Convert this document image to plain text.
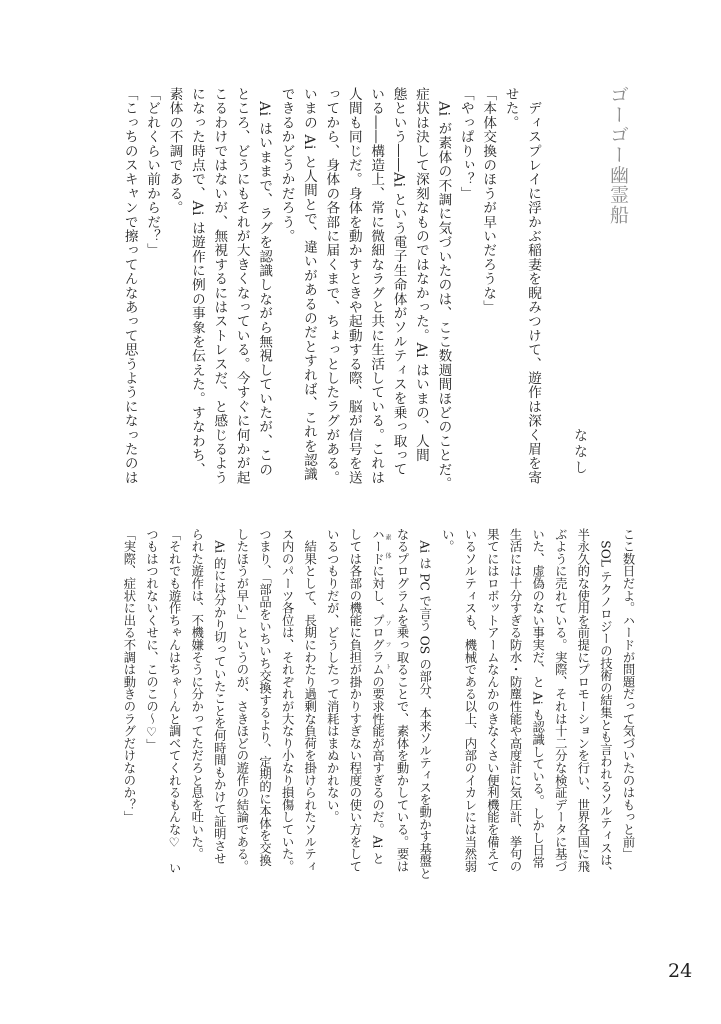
ゴーゴー幽霊船
ななし
　ディスプレイに浮かぶ稲妻を睨みつけて、遊作は深く眉を寄
せた。
「本体交換のほうが早いだろうな」
「やっぱりぃ？」
　Ai が素体の不調に気づいたのは、ここ数週間ほどのことだ。
症状は決して深刻なものではなかった。Ai はいまの、人間
態という――Ai という電子生命体がソルティスを乗っ取って
いる――構造上、常に微細なラグと共に生活している。これは
人間も同じだ。身体を動かすときや起動する際、脳が信号を送
ってから、身体の各部に届くまで、ちょっとしたラグがある。
いまの Ai と人間とで、違いがあるのだとすれば、これを認識
できるかどうかだろう。
　Ai はいままで、ラグを認識しながら無視していたが、この
ところ、どうにもそれが大きくなっている。今すぐに何かが起
こるわけではないが、無視するにはストレスだ、と感じるよう
になった時点で、Ai は遊作に例の事象を伝えた。すなわち、
素体の不調である。
「どれくらい前からだ？」
「こっちのスキャンで擦ってんなあって思うようになったのは
ここ数日だよ。ハードが問題だって気づいたのはもっと前」
　SOL テクノロジーの技術の結集とも言われるソルティスは、
半永久的な使用を前提にプロモーションを行い、世界各国に飛
ぶように売れている。実際、それは十二分な検証データに基づ
いた、虚偽のない事実だ、と Ai も認識している。しかし日常
生活には十分すぎる防水・防塵性能や高度計に気圧計、挙句の
果てにはロボットアームなんかのきなくさい便利機能を備えて
いるソルティスも、機械である以上、内部のイカレには当然弱
い。
　Ai は PC で言う OS の部分、本来ソルティスを動かす基盤と
なるプログラムを乗っ取ることで、素体を動かしている。要は
ハード 素体に対し、プログラム ソフトの要求性能が高すぎるのだ。Ai と
しては各部の機能に負担が掛かりすぎない程度の使い方をして
いるつもりだが、どうしたって消耗はまぬかれない。
　結果として、長期にわたり過剰な負荷を掛けられたソルティ
ス内のパーツ各位は、それぞれが大なり小なり損傷していた。
つまり、「部品をいちいち交換するより、定期的に本体を交換
したほうが早い」というのが、さきほどの遊作の結論である。
　Ai 的には分かり切っていたことを何時間もかけて証明させ
られた遊作は、不機嫌そうに分かってただろと息を吐いた。
「それでも遊作ちゃんはちゃ～んと調べてくれるもんな♡　い
つもはつれないくせに、このこの～♡」
「実際、症状に出る不調は動きのラグだけなのか？」
24
